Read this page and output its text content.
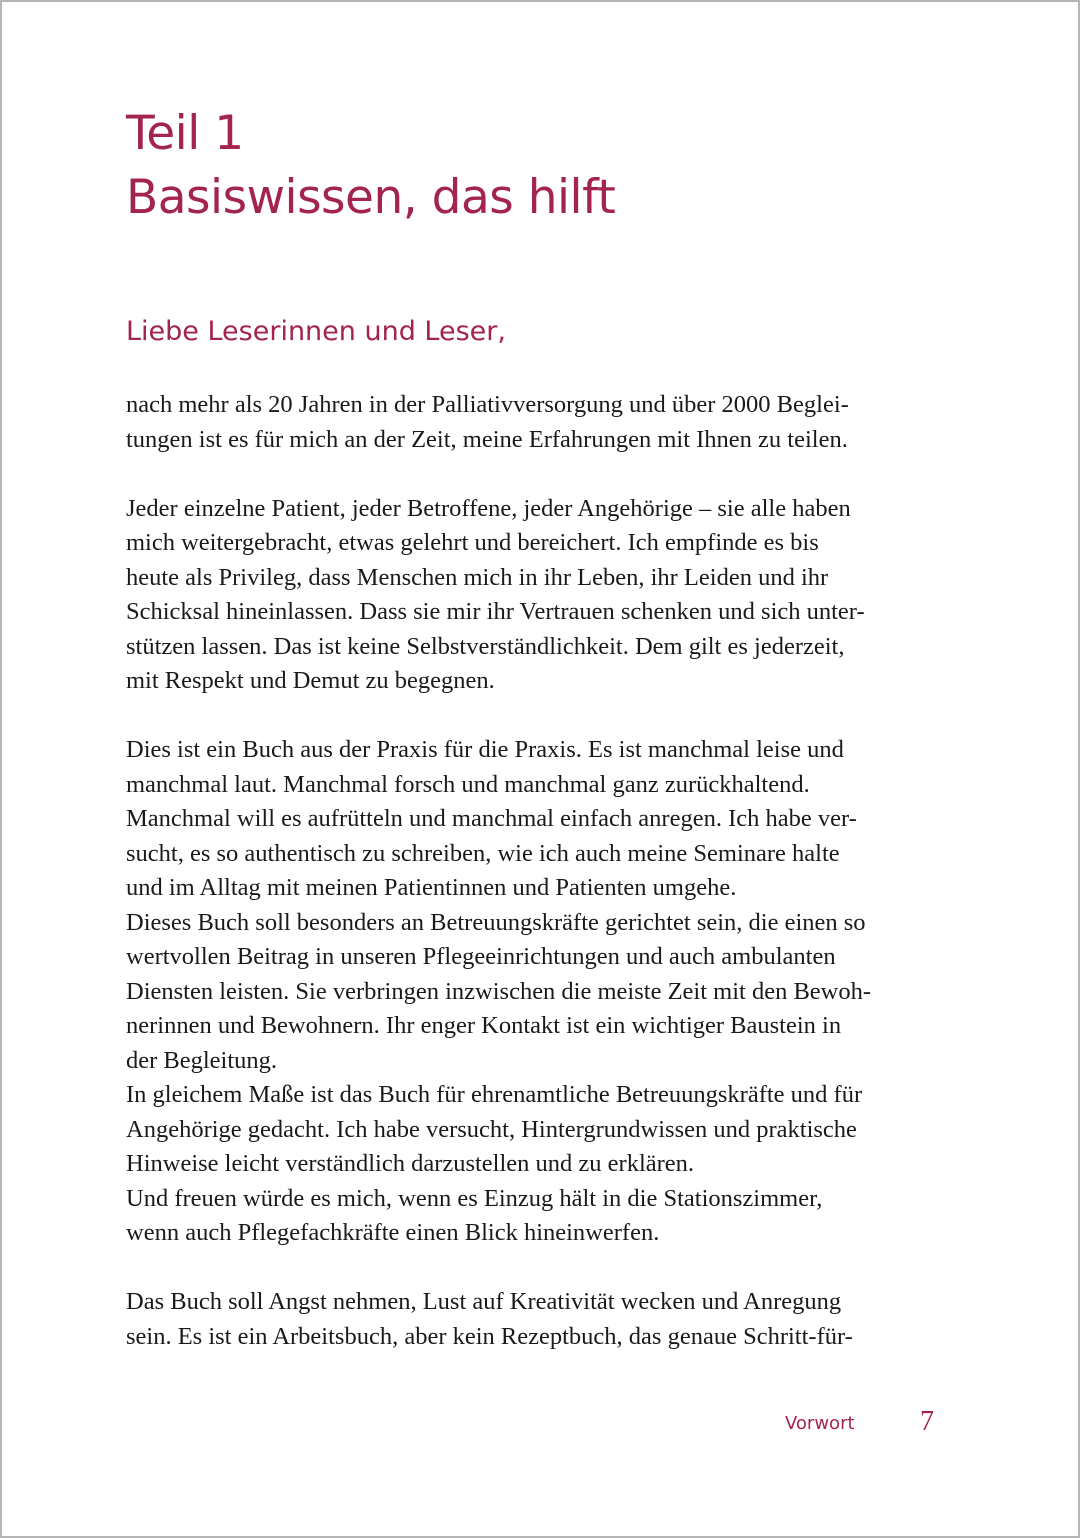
Teil 1
Basiswissen, das hilft
Liebe Leserinnen und Leser,

nach mehr als 20 Jahren in der Palliativversorgung und über 2000 Beglei-
tungen ist es für mich an der Zeit, meine Erfahrungen mit Ihnen zu teilen.

Jeder einzelne Patient, jeder Betroffene, jeder Angehörige – sie alle haben
mich weitergebracht, etwas gelehrt und bereichert. Ich empfinde es bis
heute als Privileg, dass Menschen mich in ihr Leben, ihr Leiden und ihr
Schicksal hineinlassen. Dass sie mir ihr Vertrauen schenken und sich unter-
stützen lassen. Das ist keine Selbstverständlichkeit. Dem gilt es jederzeit,
mit Respekt und Demut zu begegnen.

Dies ist ein Buch aus der Praxis für die Praxis. Es ist manchmal leise und
manchmal laut. Manchmal forsch und manchmal ganz zurückhaltend.
Manchmal will es aufrütteln und manchmal einfach anregen. Ich habe ver-
sucht, es so authentisch zu schreiben, wie ich auch meine Seminare halte
und im Alltag mit meinen Patientinnen und Patienten umgehe.
Dieses Buch soll besonders an Betreuungskräfte gerichtet sein, die einen so
wertvollen Beitrag in unseren Pflegeeinrichtungen und auch ambulanten
Diensten leisten. Sie verbringen inzwischen die meiste Zeit mit den Bewoh-
nerinnen und Bewohnern. Ihr enger Kontakt ist ein wichtiger Baustein in
der Begleitung.
In gleichem Maße ist das Buch für ehrenamtliche Betreuungskräfte und für
Angehörige gedacht. Ich habe versucht, Hintergrundwissen und praktische
Hinweise leicht verständlich darzustellen und zu erklären.
Und freuen würde es mich, wenn es Einzug hält in die Stationszimmer,
wenn auch Pflegefachkräfte einen Blick hineinwerfen.

Das Buch soll Angst nehmen, Lust auf Kreativität wecken und Anregung
sein. Es ist ein Arbeitsbuch, aber kein Rezeptbuch, das genaue Schritt-für-

Vorwort 7
